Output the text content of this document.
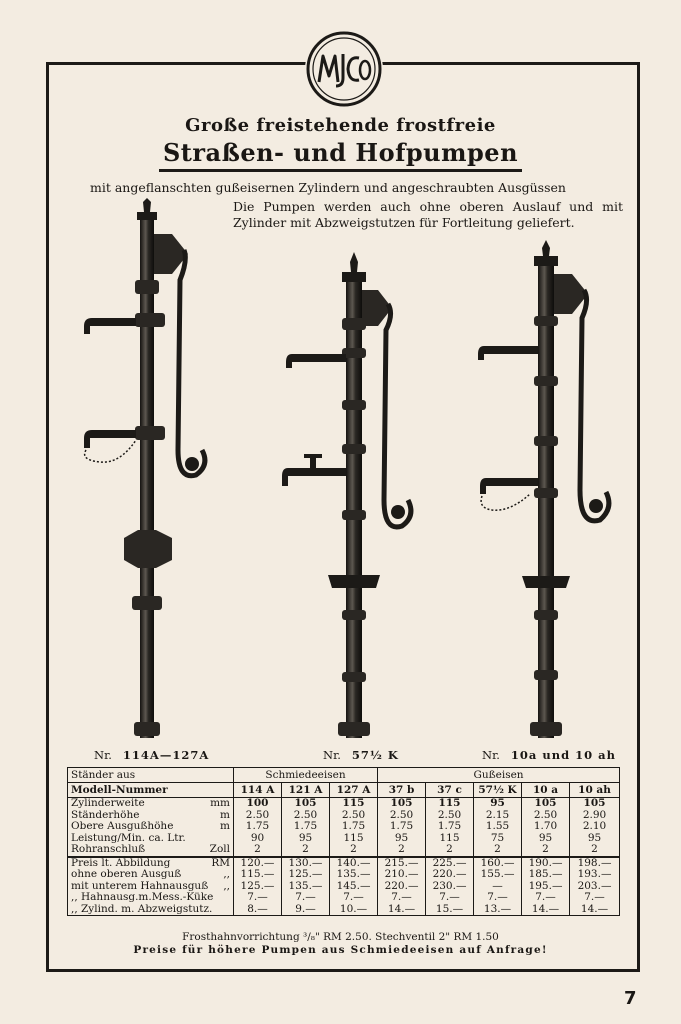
Große freistehende frostfreie
Straßen- und Hofpumpen
mit angeflanschten gußeisernen Zylindern und angeschraubten Ausgüssen
Die Pumpen werden auch ohne oberen Auslauf und mit Zylinder mit Abzweigstutzen für Fortleitung geliefert.
Nr. 114A—127A	Nr. 57½ K	Nr. 10a und 10 ah
Ständer aus	Schmiedeeisen			Gußeisen				
Modell-Nummer	114 A	121 A	127 A	37 b	37 c	57½ K	10 a	10 ah

Zylinderweite mm	100	105	115	105	115	95	105	105

Ständerhöhe m	2.50	2.50	2.50	2.50	2.50	2.15	2.50	2.90

Obere Ausgußhöhe m	1.75	1.75	1.75	1.75	1.75	1.55	1.70	2.10

Leistung/Min. ca. Ltr.	90	95	115	95	115	75	95	95

Rohranschluß Zoll	2	2	2	2	2	2	2	2

Preis lt. Abbildung RM	120.—	130.—	140.—	215.—	225.—	160.—	190.—	198.—

ohne oberen Ausguß ,,	115.—	125.—	135.—	210.—	220.—	155.—	185.—	193.—

mit unterem Hahnausguß ,,	125.—	135.—	145.—	220.—	230.—	—	195.—	203.—

,, Hahnausg.m.Mess.-Küke	7.—	7.—	7.—	7.—	7.—	7.—	7.—	7.—

,, Zylind. m. Abzweigstutz.	8.—	9.—	10.—	14.—	15.—	13.—	14.—	14.—
Frosthahnvorrichtung ³/₈" RM 2.50. Stechventil 2" RM 1.50
Preise für höhere Pumpen aus Schmiedeeisen auf Anfrage!
7
